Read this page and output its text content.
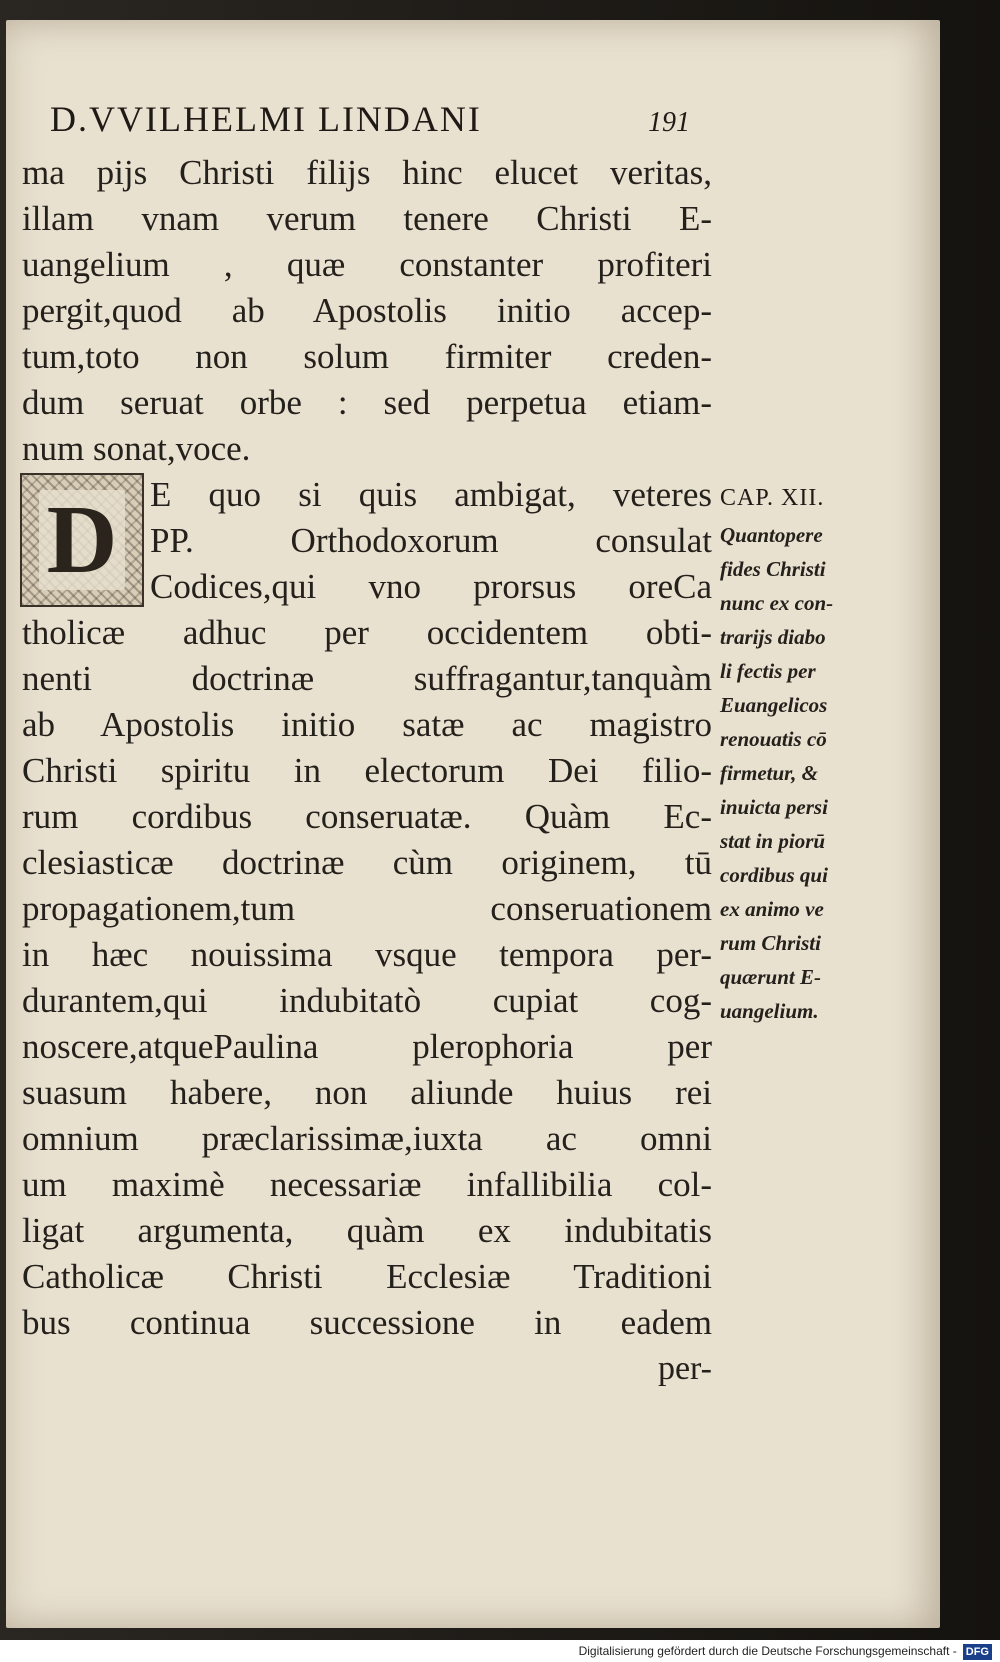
D.VVILHELMI LINDANI	191
ma pijs Christi filijs hinc elucet veritas,
illam vnam verum tenere Christi E-
uangelium , quæ constanter profiteri
pergit,quod ab Apostolis initio accep-
tum,toto non solum firmiter creden-
dum seruat orbe : sed perpetua etiam-
num sonat,voce.
E quo si quis ambigat, veteres
PP. Orthodoxorum consulat
Codices,qui vno prorsus oreCa
tholicæ adhuc per occidentem obti-
nenti doctrinæ suffragantur,tanquàm
ab Apostolis initio satæ ac magistro
Christi spiritu in electorum Dei filio-
rum cordibus conseruatæ. Quàm Ec-
clesiasticæ doctrinæ cùm originem, tū
propagationem,tum conseruationem
in hæc nouissima vsque tempora per-
durantem,qui indubitatò cupiat cog-
noscere,atquePaulina plerophoria per
suasum habere, non aliunde huius rei
omnium præclarissimæ,iuxta ac omni
um maximè necessariæ infallibilia col-
ligat argumenta, quàm ex indubitatis
Catholicæ Christi Ecclesiæ Traditioni
bus continua successione in eadem
per-
D	CAP. XII.
Quantopere
fides Christi
nunc ex con-
trarijs diabo
li fectis per
Euangelicos
renouatis cō
firmetur, &
inuicta persi
stat in piorū
cordibus qui
ex animo ve
rum Christi
quærunt E-
uangelium.
Digitalisierung gefördert durch die Deutsche Forschungsgemeinschaft - DFG
